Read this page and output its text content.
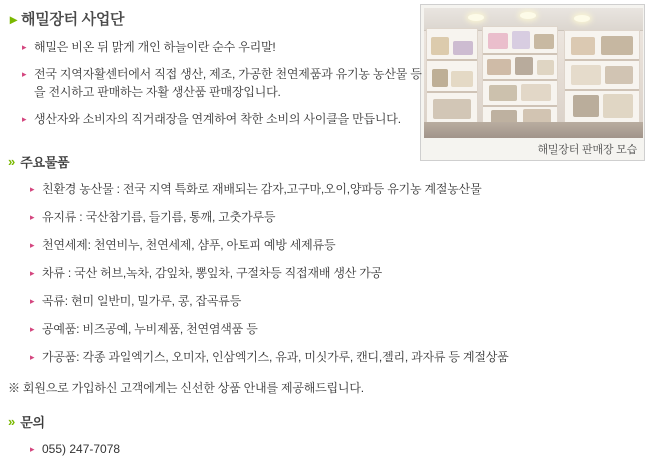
해밀장터 판매장 모습
▸ 해밀장터 사업단
▸ 해밀은 비온 뒤 맑게 개인 하늘이란 순수 우리말!
▸ 전국 지역자활센터에서 직접 생산, 제조, 가공한 천연제품과 유기농 농산물 등을 전시하고 판매하는 자활 생산품 판매장입니다.
▸ 생산자와 소비자의 직거래장을 연계하여 착한 소비의 사이클을 만듭니다.
» 주요물품
▸ 친환경 농산물 : 전국 지역 특화로 재배되는 감자,고구마,오이,양파등 유기농 계절농산물
▸ 유지류 : 국산참기름, 들기름, 통깨, 고춧가루등
▸ 천연세제: 천연비누, 천연세제, 샴푸, 아토피 예방 세제류등
▸ 차류 : 국산 허브,녹차, 감잎차, 뽕잎차, 구절차등 직접재배 생산 가공
▸ 곡류: 현미 일반미, 밀가루, 콩, 잡곡류등
▸ 공예품: 비즈공예, 누비제품, 천연염색품 등
▸ 가공품: 각종 과일엑기스, 오미자, 인삼엑기스, 유과, 미싯가루, 캔디,젤리, 과자류 등 계절상품
※ 회원으로 가입하신 고객에게는 신선한 상품 안내를 제공해드립니다.
» 문의
▸ 055) 247-7078
